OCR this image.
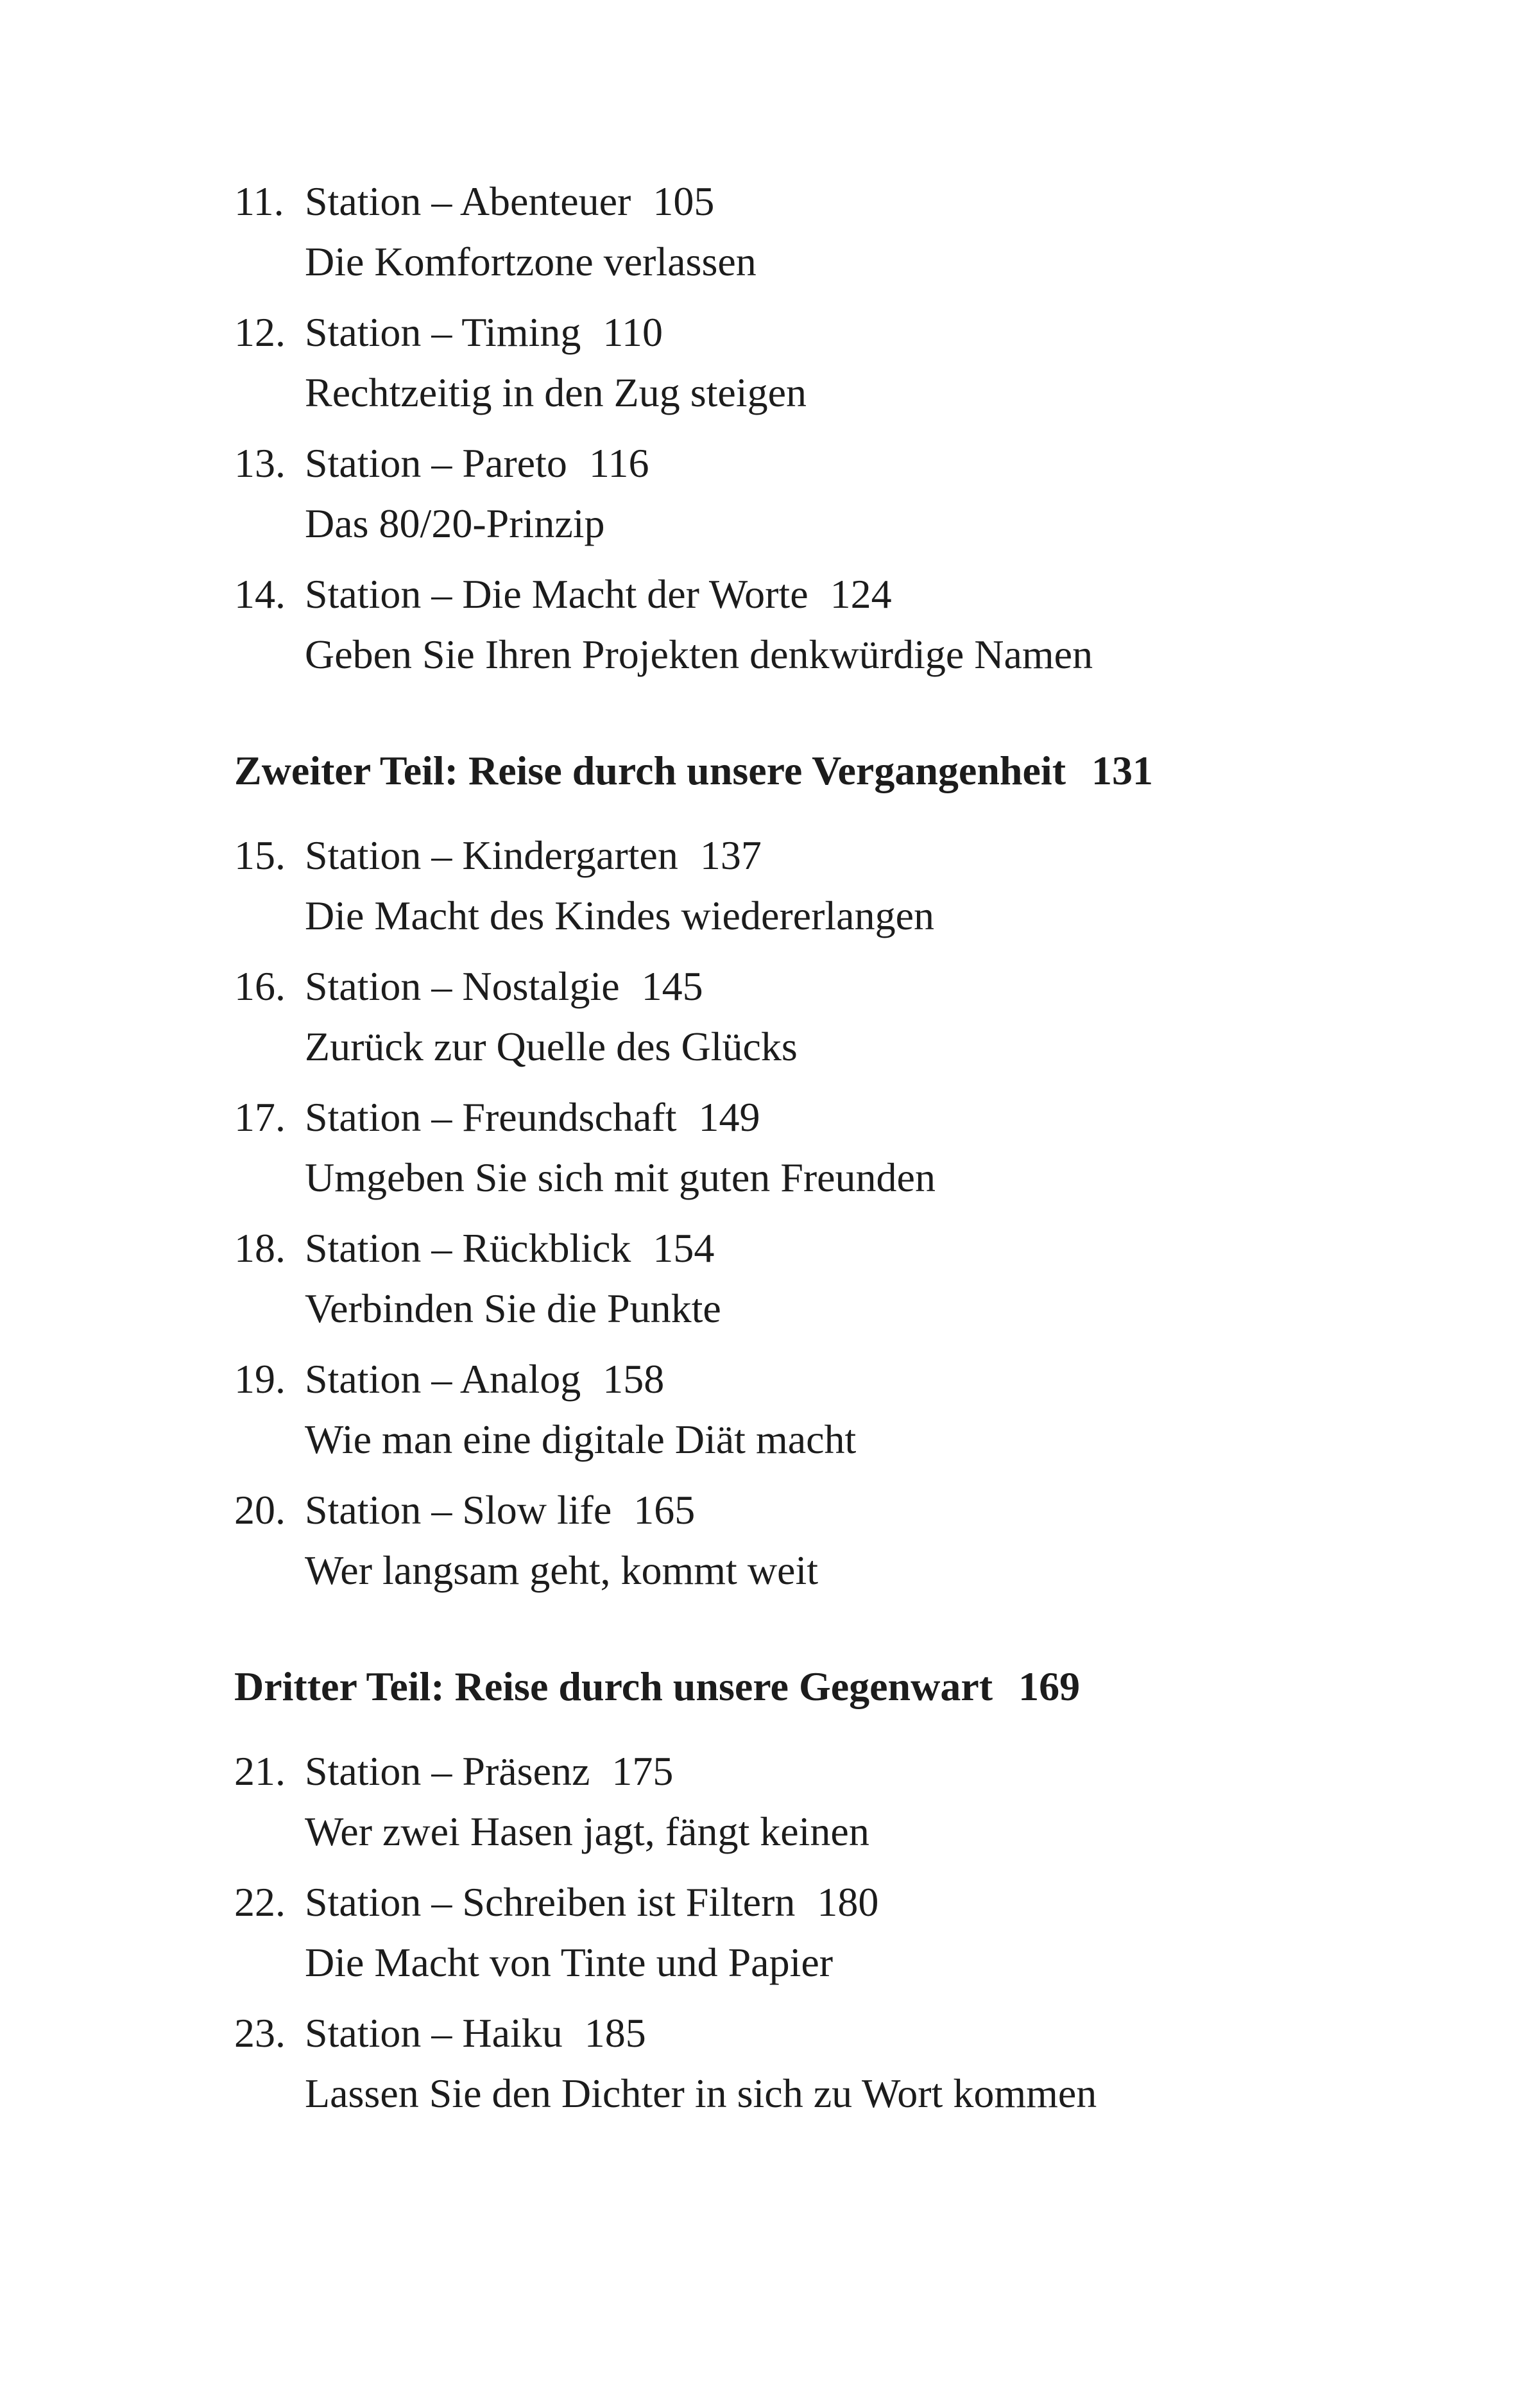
11. Station – Abenteuer 105
Die Komfortzone verlassen
12. Station – Timing 110
Rechtzeitig in den Zug steigen
13. Station – Pareto 116
Das 80/20-Prinzip
14. Station – Die Macht der Worte 124
Geben Sie Ihren Projekten denkwürdige Namen
Zweiter Teil: Reise durch unsere Vergangenheit 131
15. Station – Kindergarten 137
Die Macht des Kindes wiedererlangen
16. Station – Nostalgie 145
Zurück zur Quelle des Glücks
17. Station – Freundschaft 149
Umgeben Sie sich mit guten Freunden
18. Station – Rückblick 154
Verbinden Sie die Punkte
19. Station – Analog 158
Wie man eine digitale Diät macht
20. Station – Slow life 165
Wer langsam geht, kommt weit
Dritter Teil: Reise durch unsere Gegenwart 169
21. Station – Präsenz 175
Wer zwei Hasen jagt, fängt keinen
22. Station – Schreiben ist Filtern 180
Die Macht von Tinte und Papier
23. Station – Haiku 185
Lassen Sie den Dichter in sich zu Wort kommen
